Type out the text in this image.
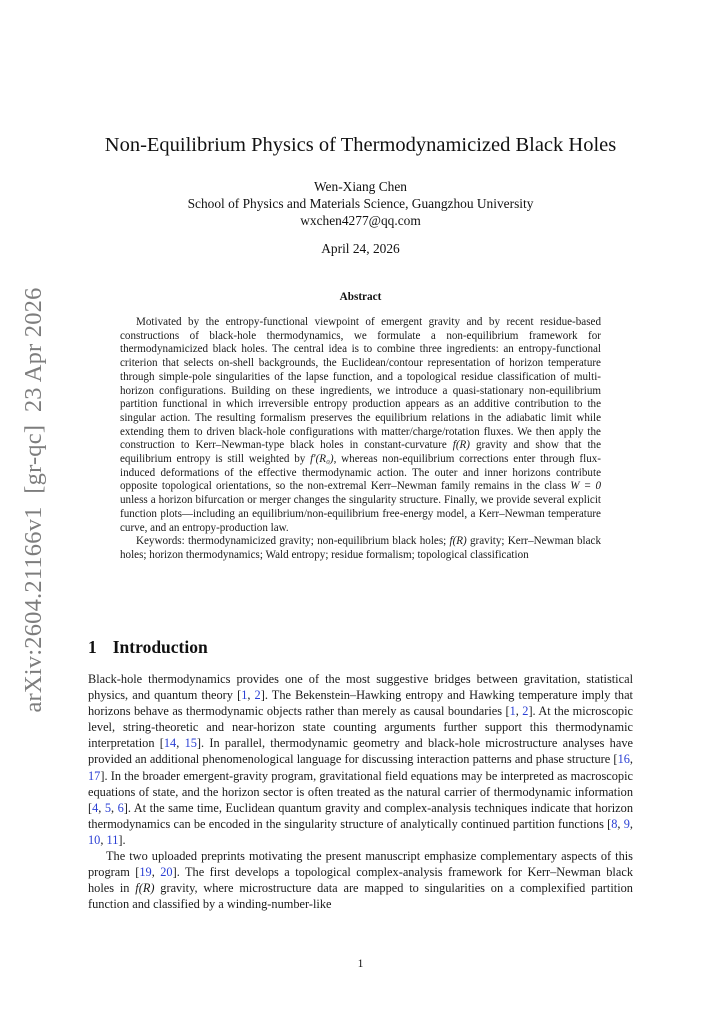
arXiv:2604.21166v1  [gr-qc]  23 Apr 2026
Non-Equilibrium Physics of Thermodynamicized Black Holes
Wen-Xiang Chen
School of Physics and Materials Science, Guangzhou University
wxchen4277@qq.com
April 24, 2026
Abstract

Motivated by the entropy-functional viewpoint of emergent gravity and by recent residue-based constructions of black-hole thermodynamics, we formulate a non-equilibrium framework for thermodynamicized black holes. The central idea is to combine three ingredients: an entropy-functional criterion that selects on-shell backgrounds, the Euclidean/contour representation of horizon temperature through simple-pole singularities of the lapse function, and a topological residue classification of multi-horizon configurations. Building on these ingredients, we introduce a quasi-stationary non-equilibrium partition functional in which irreversible entropy production appears as an additive contribution to the singular action. The resulting formalism preserves the equilibrium relations in the adiabatic limit while extending them to driven black-hole configurations with matter/charge/rotation fluxes. We then apply the construction to Kerr–Newman-type black holes in constant-curvature f(R) gravity and show that the equilibrium entropy is still weighted by f′(R₀), whereas non-equilibrium corrections enter through flux-induced deformations of the effective thermodynamic action. The outer and inner horizons contribute opposite topological orientations, so the non-extremal Kerr–Newman family remains in the class W = 0 unless a horizon bifurcation or merger changes the singularity structure. Finally, we provide several explicit function plots—including an equilibrium/non-equilibrium free-energy model, a Kerr–Newman temperature curve, and an entropy-production law.

Keywords: thermodynamicized gravity; non-equilibrium black holes; f(R) gravity; Kerr–Newman black holes; horizon thermodynamics; Wald entropy; residue formalism; topological classification

1 Introduction

Black-hole thermodynamics provides one of the most suggestive bridges between gravitation, statistical physics, and quantum theory [1, 2]. The Bekenstein–Hawking entropy and Hawking temperature imply that horizons behave as thermodynamic objects rather than merely as causal boundaries [1, 2]. At the microscopic level, string-theoretic and near-horizon state counting arguments further support this thermodynamic interpretation [14, 15]. In parallel, thermodynamic geometry and black-hole microstructure analyses have provided an additional phenomenological language for discussing interaction patterns and phase structure [16, 17]. In the broader emergent-gravity program, gravitational field equations may be interpreted as macroscopic equations of state, and the horizon sector is often treated as the natural carrier of thermodynamic information [4, 5, 6]. At the same time, Euclidean quantum gravity and complex-analysis techniques indicate that horizon thermodynamics can be encoded in the singularity structure of analytically continued partition functions [8, 9, 10, 11].

The two uploaded preprints motivating the present manuscript emphasize complementary aspects of this program [19, 20]. The first develops a topological complex-analysis framework for Kerr–Newman black holes in f(R) gravity, where microstructure data are mapped to singularities on a complexified partition function and classified by a winding-number-like

1
